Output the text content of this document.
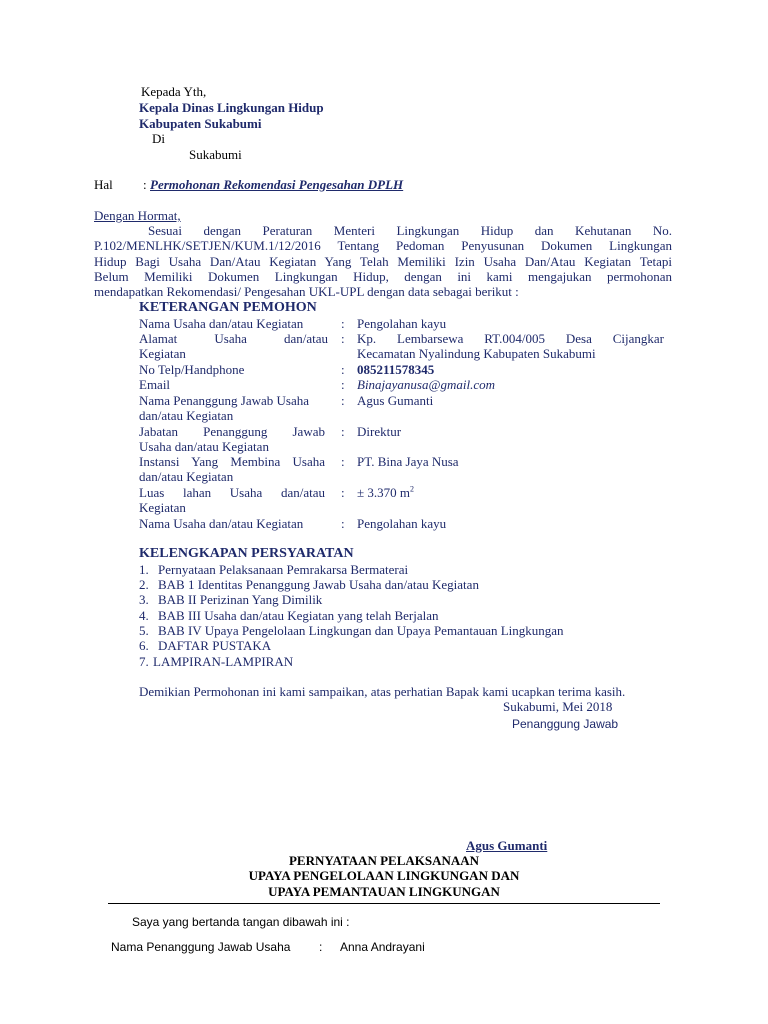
Kepada Yth,
Kepala Dinas Lingkungan Hidup
Kabupaten Sukabumi
Di
Sukabumi
Hal : Permohonan Rekomendasi Pengesahan DPLH
Dengan Hormat,
Sesuai dengan Peraturan Menteri Lingkungan Hidup dan Kehutanan No.
P.102/MENLHK/SETJEN/KUM.1/12/2016 Tentang Pedoman Penyusunan Dokumen Lingkungan
Hidup Bagi Usaha Dan/Atau Kegiatan Yang Telah Memiliki Izin Usaha Dan/Atau Kegiatan Tetapi
Belum Memiliki Dokumen Lingkungan Hidup, dengan ini kami mengajukan permohonan
mendapatkan Rekomendasi/ Pengesahan UKL-UPL dengan data sebagai berikut :
KETERANGAN PEMOHON
Nama Usaha dan/atau Kegiatan	: Pengolahan kayu
Alamat Usaha dan/atau
Kegiatan
: Kp. Lembarsewa RT.004/005 Desa Cijangkar
Kecamatan Nyalindung Kabupaten Sukabumi
No Telp/Handphone	: 085211578345
Email	: Binajayanusa@gmail.com
Nama Penanggung Jawab Usaha
dan/atau Kegiatan
: Agus Gumanti
Jabatan Penanggung Jawab
Usaha dan/atau Kegiatan
: Direktur
Instansi Yang Membina Usaha
dan/atau Kegiatan
: PT. Bina Jaya Nusa
Luas lahan Usaha dan/atau
Kegiatan
: ± 3.370 $m^2$
Nama Usaha dan/atau Kegiatan	: Pengolahan kayu
KELENGKAPAN PERSYARATAN
1. Pernyataan Pelaksanaan Pemrakarsa Bermaterai
2. BAB 1 Identitas Penanggung Jawab Usaha dan/atau Kegiatan
3. BAB II Perizinan Yang Dimilik
4. BAB III Usaha dan/atau Kegiatan yang telah Berjalan
5. BAB IV Upaya Pengelolaan Lingkungan dan Upaya Pemantauan Lingkungan
6. DAFTAR PUSTAKA
7. LAMPIRAN-LAMPIRAN
Demikian Permohonan ini kami sampaikan, atas perhatian Bapak kami ucapkan terima kasih.
Sukabumi, Mei 2018
Penanggung Jawab
Agus Gumanti
PERNYATAAN PELAKSANAAN
UPAYA PENGELOLAAN LINGKUNGAN DAN
UPAYA PEMANTAUAN LINGKUNGAN
Saya yang bertanda tangan dibawah ini :
Nama Penanggung Jawab Usaha : Anna Andrayani
